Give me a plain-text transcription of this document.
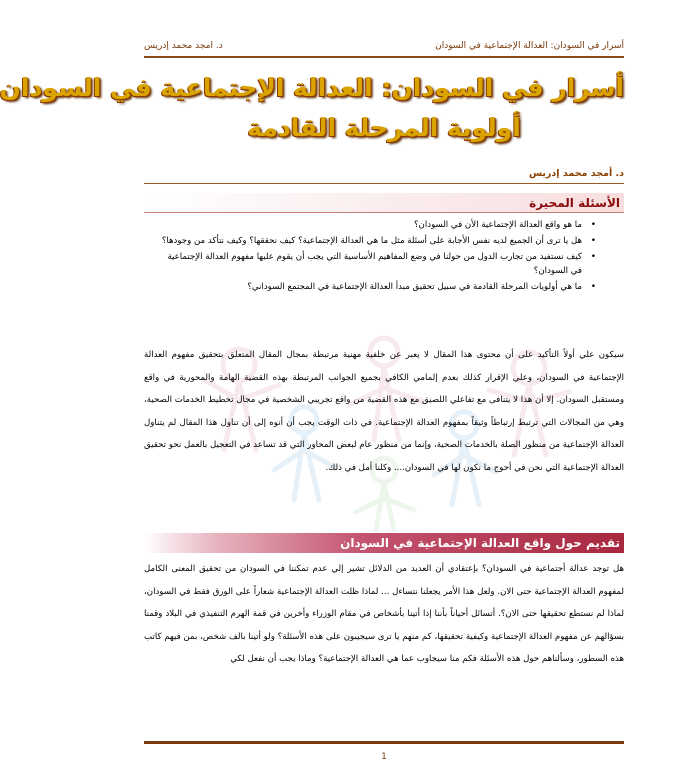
أسرار في السودان: العدالة الإجتماعية في السودان
د. امجد محمد إدريس
أسرار في السودان: العدالة الإجتماعية في السودان
أولوية المرحلة القادمة
د. أمجد محمد إدريس
الأسئلة المحيرة
•
ما هو واقع العدالة الإجتماعية الأن في السودان؟
•
هل يا ترى أن الجميع لديه نفس الأجابة على أسئلة مثل ما هي العدالة الإجتماعية؟ كيف نحققها؟ وكيف نتأكد من وجودها؟
•
كيف نستفيد من تجارب الدول من حولنا في وضع المفاهيم الأساسية التي يجب أن يقوم عليها مفهوم العدالة الإجتماعية في السودان؟
•
ما هي أولويات المرحلة القادمة في سبيل تحقيق مبدأ العدالة الإجتماعية في المجتمع السوداني؟

سيكون علي أولاً التأكيد على أن محتوى هذا المقال لا يعبر عن خلفية مهنية مرتبطة بمجال المقال المتعلق بتحقيق مفهوم العدالة الإجتماعية في السودان، وعلي الإقرار كذلك بعدم إلمامي الكافي بجميع الجوانب المرتبطة بهذه القضية الهامة والمحورية في واقع ومستقبل السودان. إلا أن هذا لا يتنافى مع تفاعلي اللصيق مع هذه القضية من واقع تجريبي الشخصية في مجال تخطيط الخدمات الصحية، وهي من المجالات التي ترتبط إرتباطاً وثيقاً بمفهوم العدالة الإجتماعية. في ذات الوقت يجب أن أنوه إلى أن تناول هذا المقال لم يتناول العدالة الإجتماعية من منظور الصلة بالخدمات الصحية، وإنما من منظور عام لبعض المحاور التي قد تساعد في التعجيل بالعمل نحو تحقيق العدالة الإجتماعية التي نحن في أحوج ما نكون لها في السودان.... وكلنا أمل في ذلك.

تقديم حول واقع العدالة الإجتماعية في السودان

هل توجد عدالة أجتماعية في السودان؟ بإعتقادي أن العديد من الدلائل تشير إلي عدم تمكننا في السودان من تحقيق المعنى الكامل لمفهوم العدالة الإجتماعية حتى الان. ولعل هذا الأمر يجعلنا نتساءل ... لماذا ظلت العدالة الإجتماعية شعاراً على الورق فقط في السودان، لماذا لم نستطع تحقيقها حتى الان؟. أتسائل أحياناً بأننا إذا أتينا بأشخاص في مقام الوزراء وأخرين في قمة الهرم التنفيذي في البلاد وقمنا بسؤالهم عن مفهوم العدالة الإجتماعية وكيفية تحقيقها، كم منهم يا ترى سيجيبون على هذه الأسئلة؟ ولو أتينا بالف شخص، بمن فيهم كاتب هذه السطور، وسألناهم حول هذه الأسئلة فكم منا سيجاوب عما هي العدالة الإجتماعية؟ وماذا يجب أن نفعل لكي

1
